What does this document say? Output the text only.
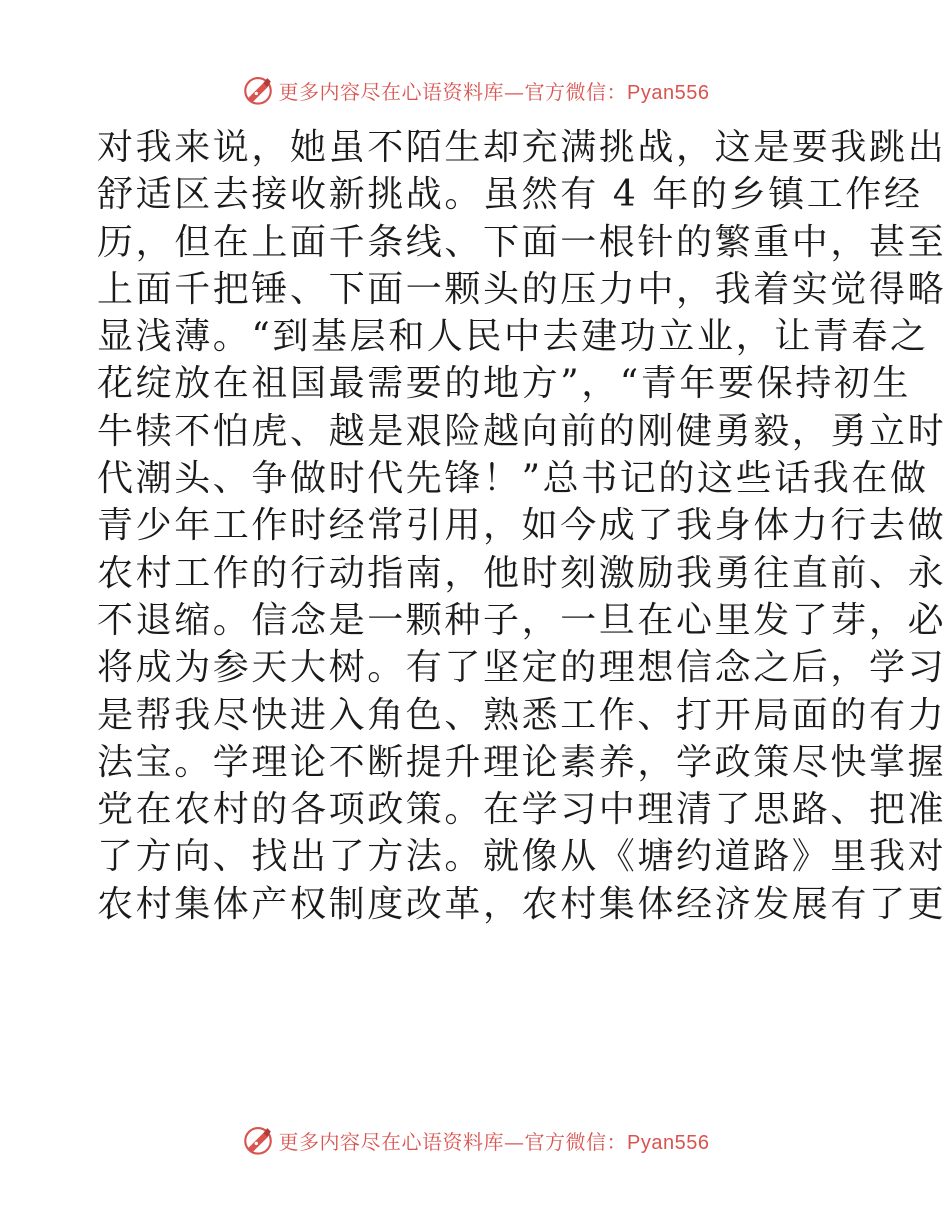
更多内容尽在心语资料库—官方微信：Pyan556

对我来说，她虽不陌生却充满挑战，这是要我跳出

舒适区去接收新挑战。虽然有 4 年的乡镇工作经

历，但在上面千条线、下面一根针的繁重中，甚至

上面千把锤、下面一颗头的压力中，我着实觉得略

显浅薄。“到基层和人民中去建功立业，让青春之

花绽放在祖国最需要的地方”，“青年要保持初生

牛犊不怕虎、越是艰险越向前的刚健勇毅，勇立时

代潮头、争做时代先锋！”总书记的这些话我在做

青少年工作时经常引用，如今成了我身体力行去做

农村工作的行动指南，他时刻激励我勇往直前、永

不退缩。信念是一颗种子，一旦在心里发了芽，必

将成为参天大树。有了坚定的理想信念之后，学习

是帮我尽快进入角色、熟悉工作、打开局面的有力

法宝。学理论不断提升理论素养，学政策尽快掌握

党在农村的各项政策。在学习中理清了思路、把准

了方向、找出了方法。就像从《塘约道路》里我对

农村集体产权制度改革，农村集体经济发展有了更

更多内容尽在心语资料库—官方微信：Pyan556
